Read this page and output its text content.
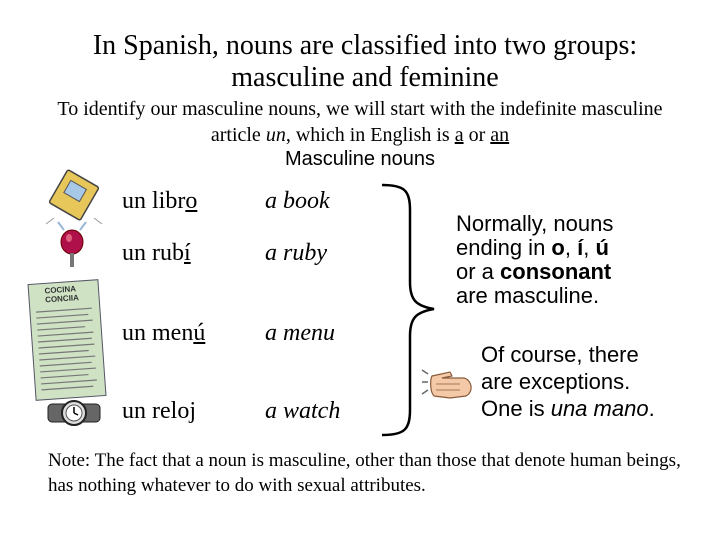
In Spanish, nouns are classified into two groups: masculine and feminine
To identify our masculine nouns, we will start with the indefinite masculine article un, which in English is a or an
Masculine nouns
COCINA
CONCIIA
un libro	a book
un rubí	a ruby
un menú a menu
un reloj	a watch
Normally, nouns
ending in o, í, ú
or a consonant
are masculine.
Of course, there
are exceptions.
One is una mano.
Note: The fact that a noun is masculine, other than those that denote human beings, has nothing whatever to do with sexual attributes.
